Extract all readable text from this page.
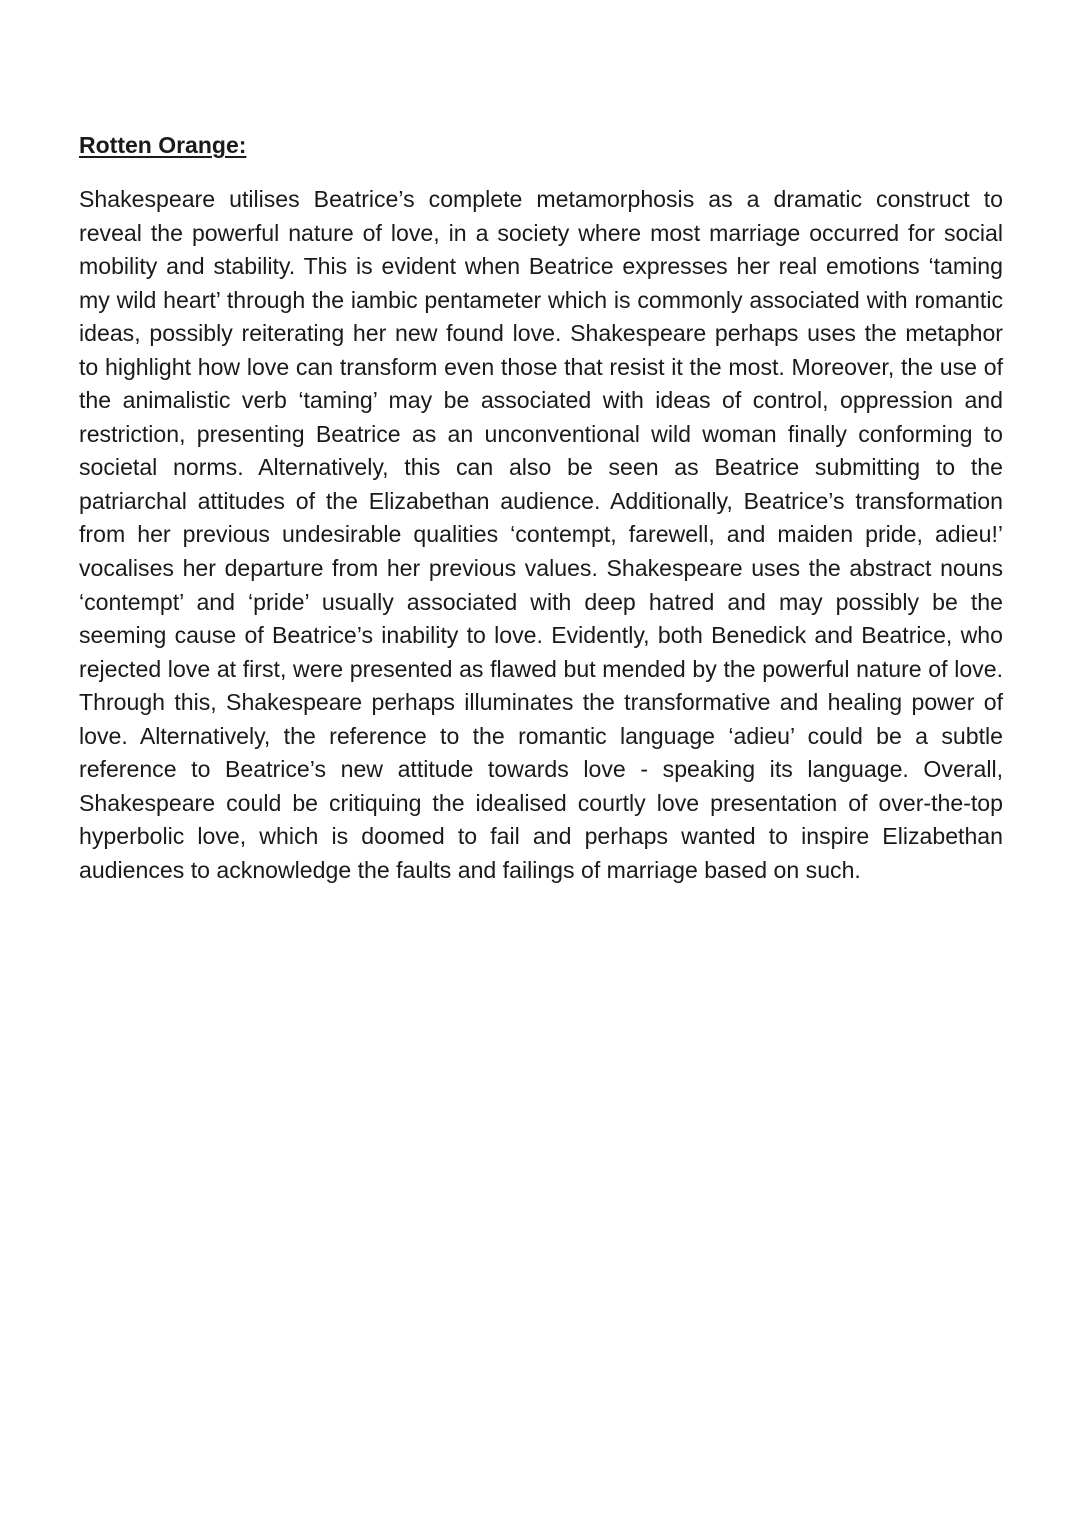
Rotten Orange:

Shakespeare utilises Beatrice’s complete metamorphosis as a dramatic construct to reveal the powerful nature of love, in a society where most marriage occurred for social mobility and stability. This is evident when Beatrice expresses her real emotions ‘taming my wild heart’ through the iambic pentameter which is commonly associated with romantic ideas, possibly reiterating her new found love. Shakespeare perhaps uses the metaphor to highlight how love can transform even those that resist it the most. Moreover, the use of the animalistic verb ‘taming’ may be associated with ideas of control, oppression and restriction, presenting Beatrice as an unconventional wild woman finally conforming to societal norms. Alternatively, this can also be seen as Beatrice submitting to the patriarchal attitudes of the Elizabethan audience. Additionally, Beatrice’s transformation from her previous undesirable qualities ‘contempt, farewell, and maiden pride, adieu!’ vocalises her departure from her previous values. Shakespeare uses the abstract nouns ‘contempt’ and ‘pride’ usually associated with deep hatred and may possibly be the seeming cause of Beatrice’s inability to love. Evidently, both Benedick and Beatrice, who rejected love at first, were presented as flawed but mended by the powerful nature of love. Through this, Shakespeare perhaps illuminates the transformative and healing power of love. Alternatively, the reference to the romantic language ‘adieu’ could be a subtle reference to Beatrice’s new attitude towards love - speaking its language. Overall, Shakespeare could be critiquing the idealised courtly love presentation of over-the-top hyperbolic love, which is doomed to fail and perhaps wanted to inspire Elizabethan audiences to acknowledge the faults and failings of marriage based on such.
